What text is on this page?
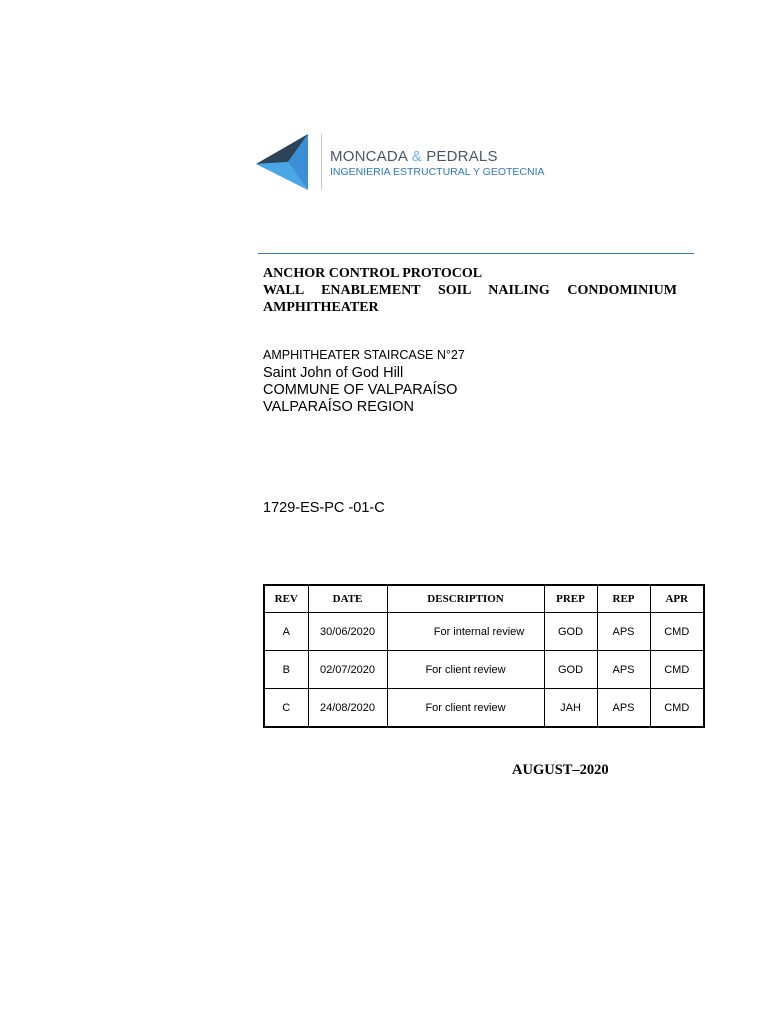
MONCADA & PEDRALS
INGENIERIA ESTRUCTURAL Y GEOTECNIA
ANCHOR CONTROL PROTOCOL
WALL ENABLEMENT SOIL NAILING CONDOMINIUM
AMPHITHEATER
AMPHITHEATER STAIRCASE N°27
Saint John of God Hill
COMMUNE OF VALPARAÍSO
VALPARAÍSO REGION
1729-ES-PC -01-C
REV	DATE	DESCRIPTION	PREP	REP	APR
A	30/06/2020	For internal review	GOD	APS	CMD
B	02/07/2020	For client review	GOD	APS	CMD
C	24/08/2020	For client review	JAH	APS	CMD
AUGUST–2020
